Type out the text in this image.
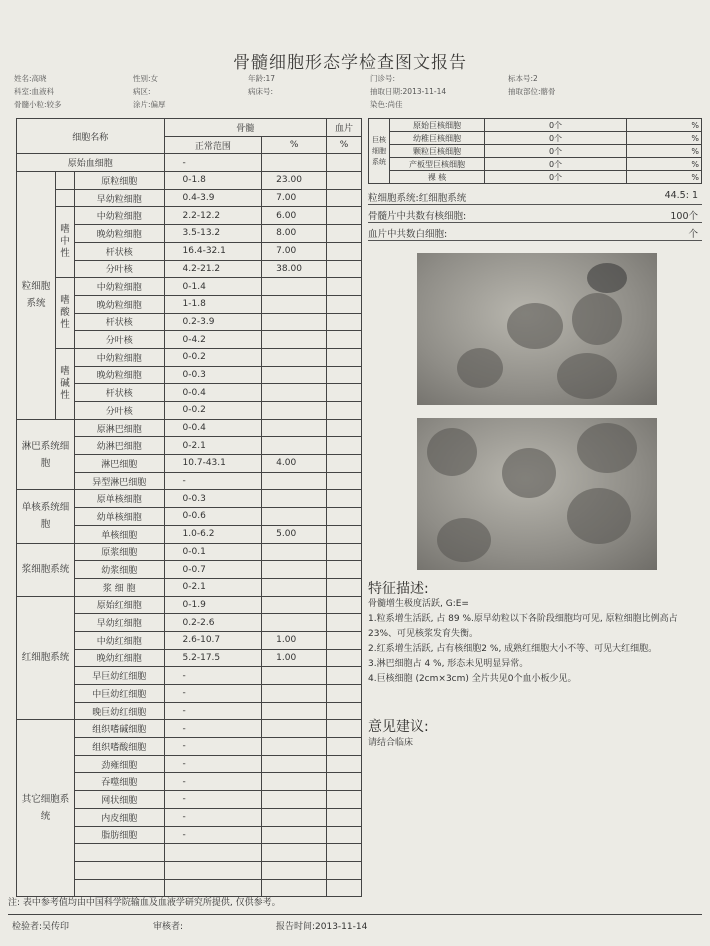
骨髓细胞形态学检查图文报告
姓名:高晓	性别:女	年龄:17	门诊号:	标本号:2
科室:血液科	病区:	病床号:	抽取日期:2013-11-14	抽取部位:髂骨
骨髓小粒:较多	涂片:偏厚	染色:尚佳
细胞名称			骨髓		血片
			正常范围	%	%
原始血细胞			-		
粒细胞系统		原粒细胞	0-1.8	23.00	
		早幼粒细胞	0.4-3.9	7.00	
	嗜中性	中幼粒细胞	2.2-12.2	6.00	
		晚幼粒细胞	3.5-13.2	8.00	
		杆状核	16.4-32.1	7.00	
		分叶核	4.2-21.2	38.00	
	嗜酸性	中幼粒细胞	0-1.4		
		晚幼粒细胞	1-1.8		
		杆状核	0.2-3.9		
		分叶核	0-4.2		
	嗜碱性	中幼粒细胞	0-0.2		
		晚幼粒细胞	0-0.3		
		杆状核	0-0.4		
		分叶核	0-0.2		
淋巴系统细胞		原淋巴细胞	0-0.4		
		幼淋巴细胞	0-2.1		
		淋巴细胞	10.7-43.1	4.00	
		异型淋巴细胞	-		
单核系统细胞		原单核细胞	0-0.3		
		幼单核细胞	0-0.6		
		单核细胞	1.0-6.2	5.00	
浆细胞系统		原浆细胞	0-0.1		
		幼浆细胞	0-0.7		
		浆 细 胞	0-2.1		
红细胞系统		原始红细胞	0-1.9		
		早幼红细胞	0.2-2.6		
		中幼红细胞	2.6-10.7	1.00	
		晚幼红细胞	5.2-17.5	1.00	
		早巨幼红细胞	-		
		中巨幼红细胞	-		
		晚巨幼红细胞	-		
其它细胞系统		组织嗜碱细胞	-		
		组织嗜酸细胞	-		
		劲雍细胞	-		
		吞噬细胞	-		
		网状细胞	-		
		内皮细胞	-		
		脂肪细胞	-		

巨核细胞系统	原始巨核细胞	0个	%
	幼稚巨核细胞	0个	%
	颗粒巨核细胞	0个	%
	产板型巨核细胞	0个	%
	裸 核	0个	%
粒细胞系统:红细胞系统	44.5: 1
骨髓片中共数有核细胞:	100个
血片中共数白细胞:	个
特征描述:
骨髓增生极度活跃, G:E=
1.粒系增生活跃, 占 89 %.原早幼粒以下各阶段细胞均可见, 原粒细胞比例高占23%、可见核浆发育失衡。
2.红系增生活跃, 占有核细胞2 %, 成熟红细胞大小不等、可见大红细胞。
3.淋巴细胞占 4 %, 形态未见明显异常。
4.巨核细胞 (2cm×3cm) 全片共见0个血小板少见。
意见建议:
请结合临床
注: 表中参考值均由中国科学院输血及血液学研究所提供, 仅供参考。
检验者:吴传印	审核者:	报告时间:2013-11-14
